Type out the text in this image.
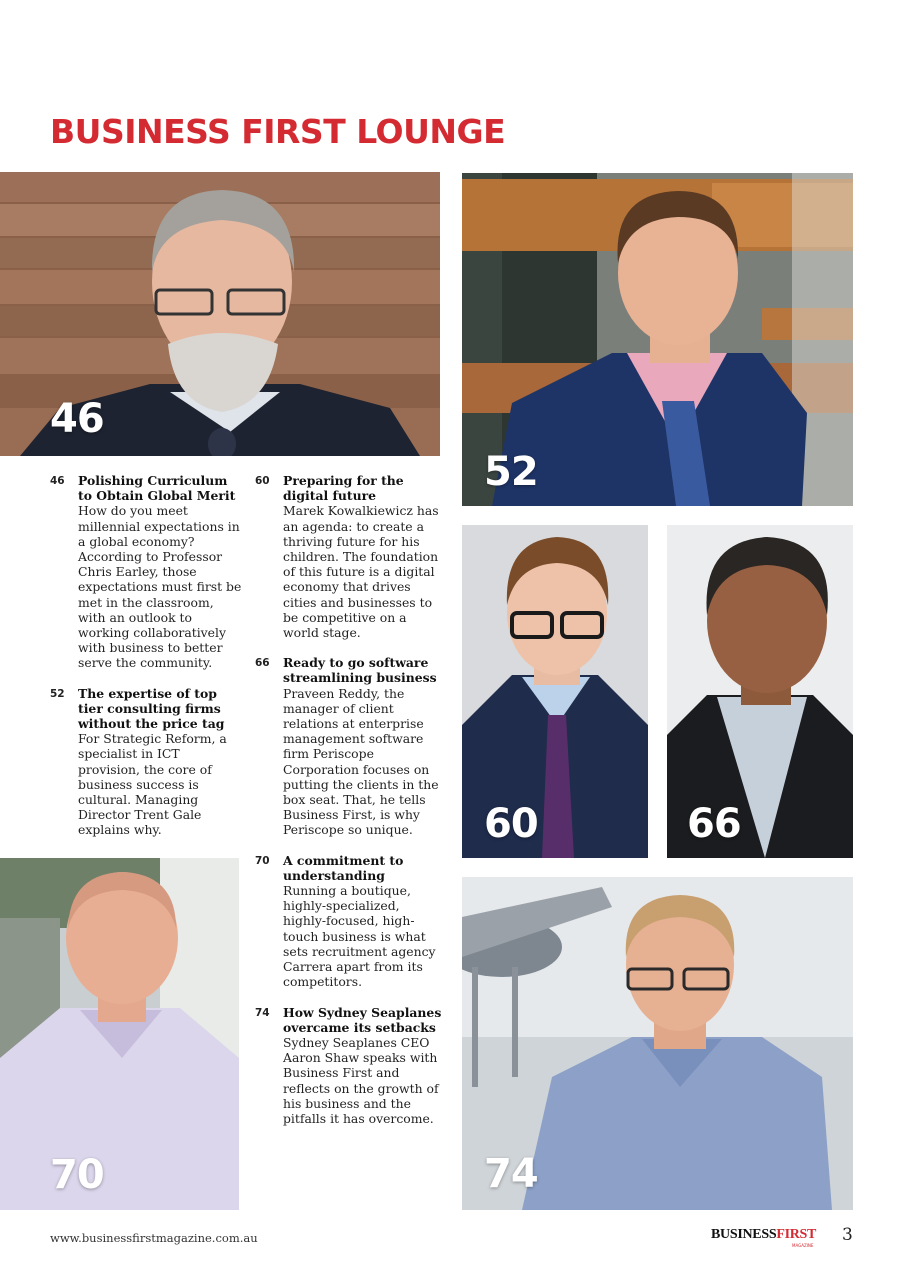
BUSINESS FIRST LOUNGE
46
52
60	66
70	74
46 Polishing Curriculum to Obtain Global Merit
How do you meet millennial expectations in a global economy? According to Professor Chris Earley, those expectations must first be met in the classroom, with an outlook to working collaboratively with business to better serve the community.
52 The expertise of top tier consulting firms without the price tag
For Strategic Reform, a specialist in ICT provision, the core of business success is cultural. Managing Director Trent Gale explains why.
60 Preparing for the digital future
Marek Kowalkiewicz has an agenda: to create a thriving future for his children. The foundation of this future is a digital economy that drives cities and businesses to be competitive on a world stage.
66 Ready to go software streamlining business
Praveen Reddy, the manager of client relations at enterprise management software firm Periscope Corporation focuses on putting the clients in the box seat. That, he tells Business First, is why Periscope so unique.
70 A commitment to understanding
Running a boutique, highly-specialized, highly-focused, high-touch business is what sets recruitment agency Carrera apart from its competitors.
74 How Sydney Seaplanes overcame its setbacks
Sydney Seaplanes CEO Aaron Shaw speaks with Business First and reflects on the growth of his business and the pitfalls it has overcome.
www.businessfirstmagazine.com.au	BUSINESSFIRST
MAGAZINE
3
